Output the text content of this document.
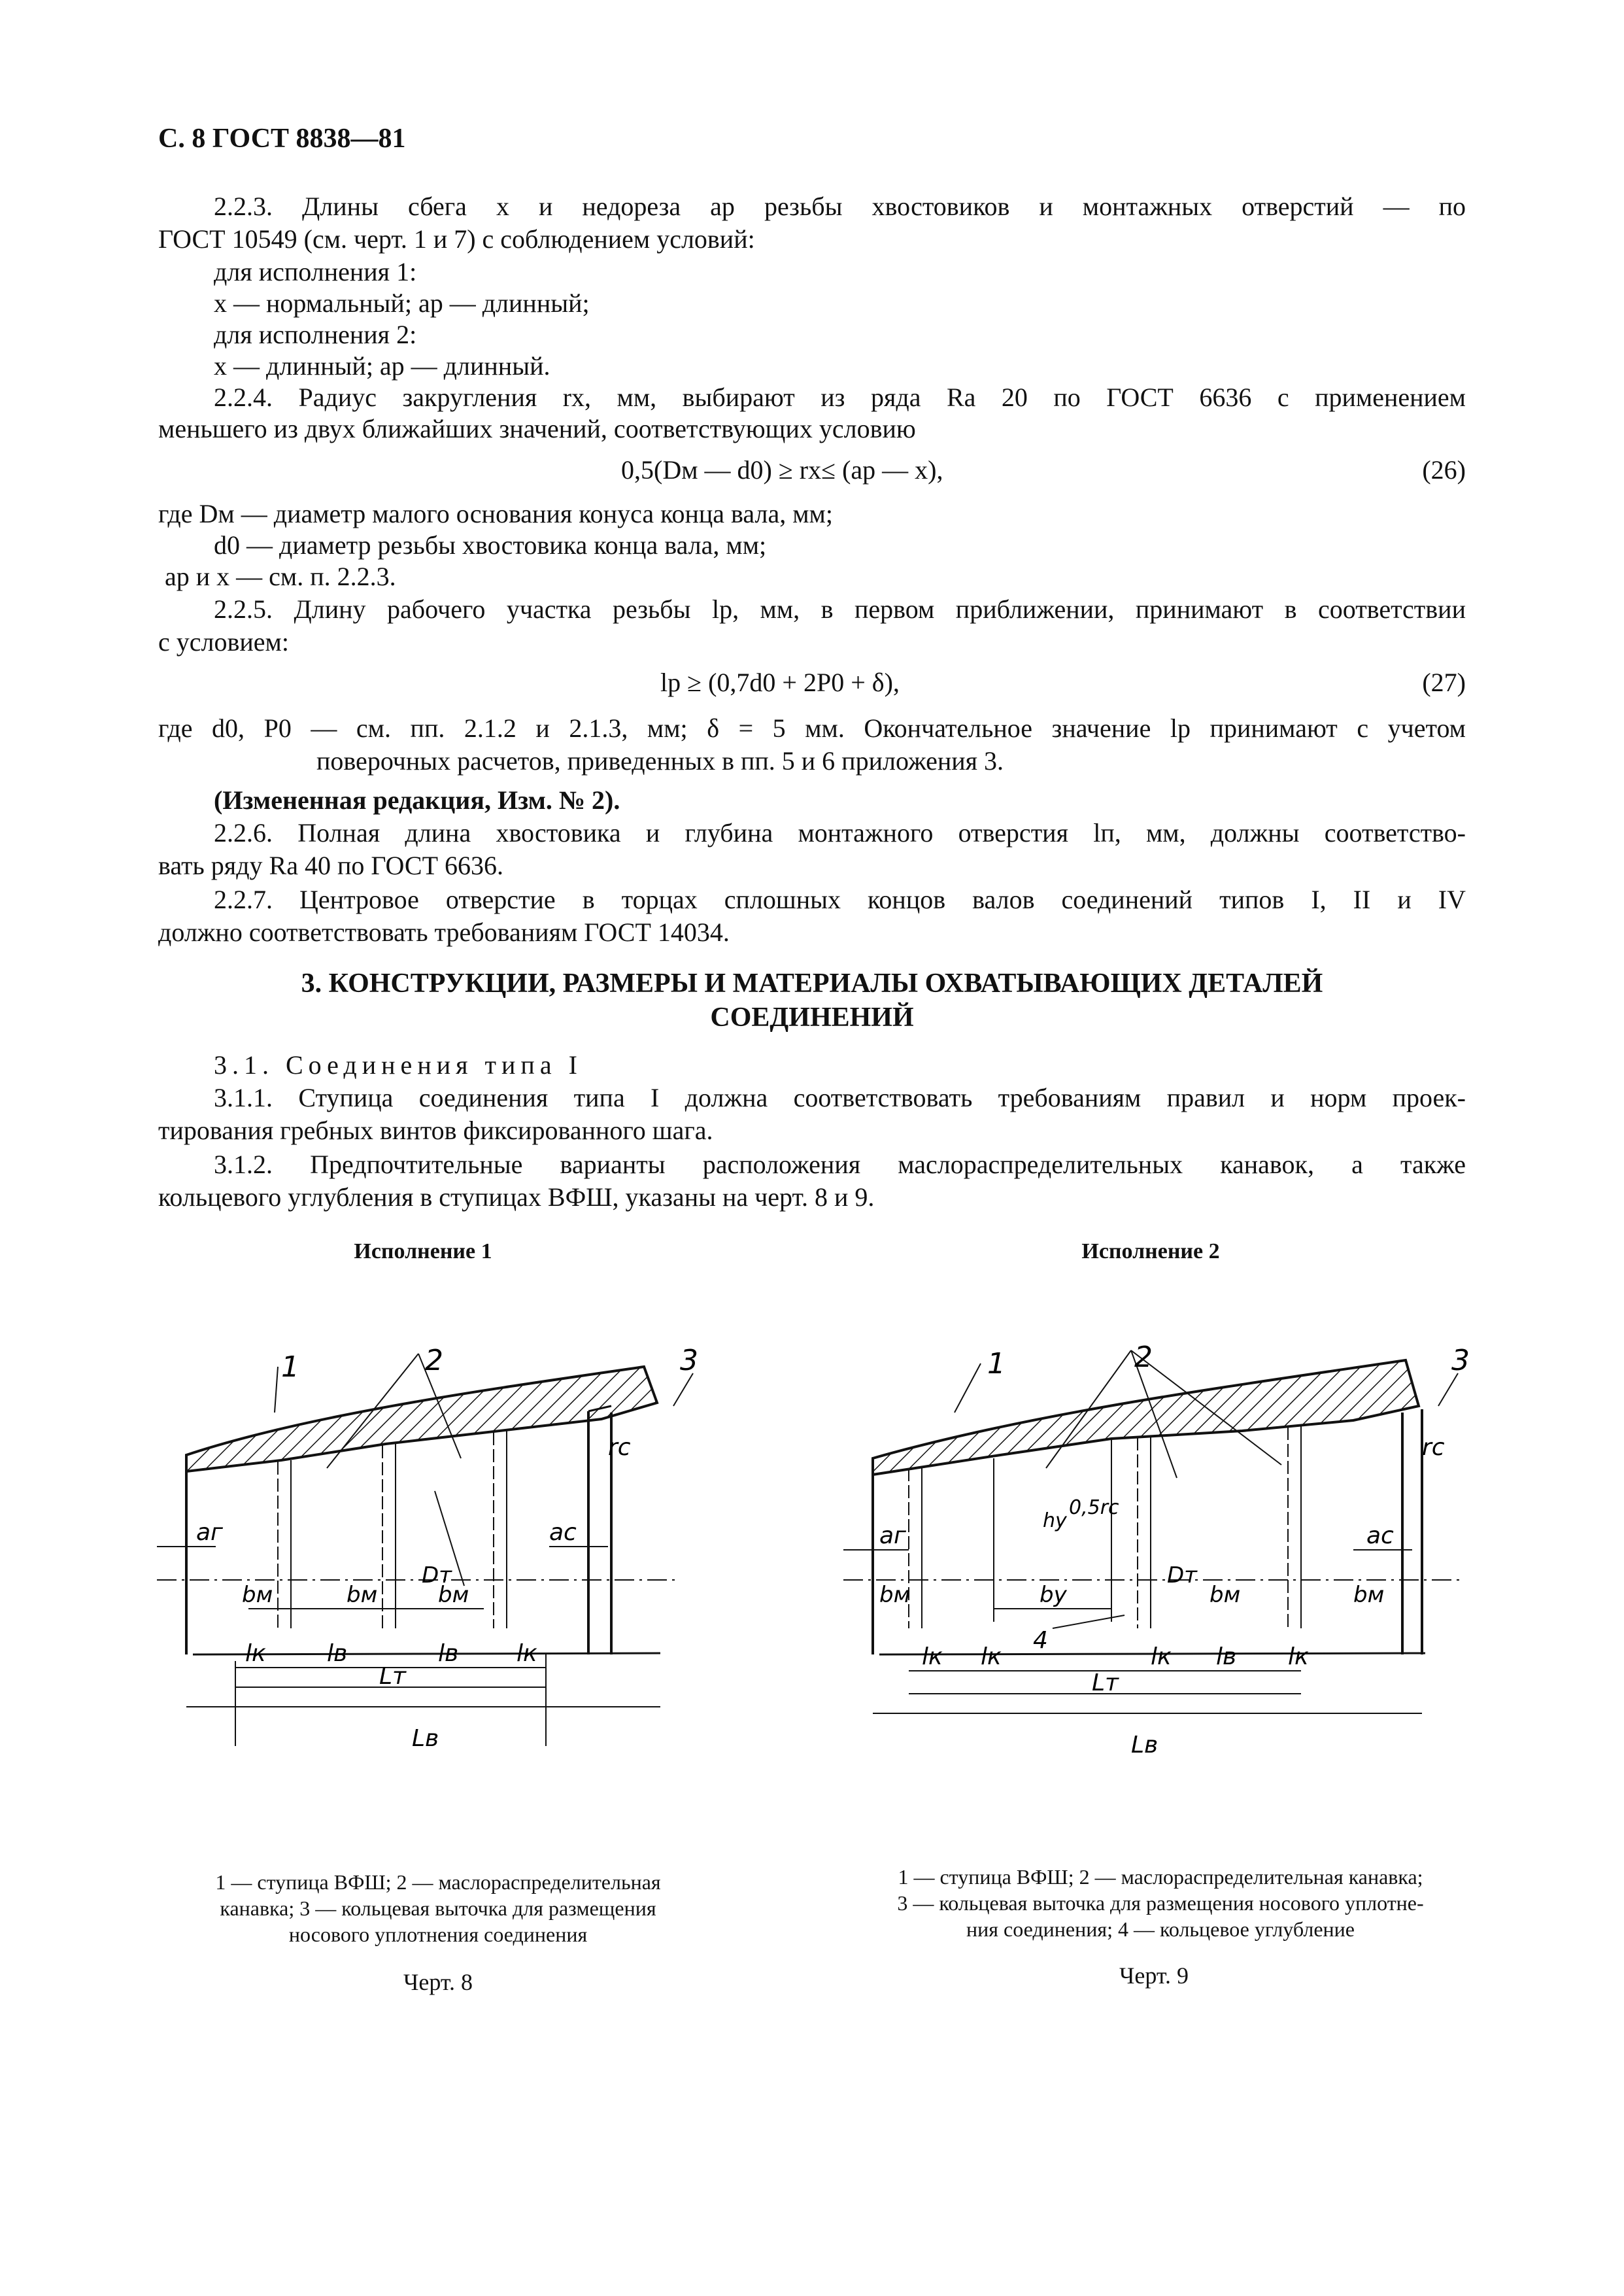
С. 8 ГОСТ 8838—81
2.2.3. Длины сбега x и недореза aр резьбы хвостовиков и монтажных отверстий — по
ГОСТ 10549 (см. черт. 1 и 7) с соблюдением условий:
для исполнения 1:
x — нормальный; aр — длинный;
для исполнения 2:
x — длинный; aр — длинный.
2.2.4. Радиус закругления rx, мм, выбирают из ряда Ra 20 по ГОСТ 6636 с применением
меньшего из двух ближайших значений, соответствующих условию
0,5(Dм — d0) ≥ rx≤ (aр — x),	(26)
где Dм — диаметр малого основания конуса конца вала, мм;
d0 — диаметр резьбы хвостовика конца вала, мм;
aр и x — см. п. 2.2.3.
2.2.5. Длину рабочего участка резьбы lр, мм, в первом приближении, принимают в соответствии
с условием:
lр ≥ (0,7d0 + 2P0 + δ),	(27)
где d0, P0 — см. пп. 2.1.2 и 2.1.3, мм; δ = 5 мм. Окончательное значение lр принимают с учетом
поверочных расчетов, приведенных в пп. 5 и 6 приложения 3.
(Измененная редакция, Изм. № 2).
2.2.6. Полная длина хвостовика и глубина монтажного отверстия lп, мм, должны соответство-
вать ряду Ra 40 по ГОСТ 6636.
2.2.7. Центровое отверстие в торцах сплошных концов валов соединений типов I, II и IV
должно соответствовать требованиям ГОСТ 14034.
3. КОНСТРУКЦИИ, РАЗМЕРЫ И МАТЕРИАЛЫ ОХВАТЫВАЮЩИХ ДЕТАЛЕЙ
СОЕДИНЕНИЙ
3.1. Соединения типа I
3.1.1. Ступица соединения типа I должна соответствовать требованиям правил и норм проек-
тирования гребных винтов фиксированного шага.
3.1.2. Предпочтительные варианты расположения маслораспределительных канавок, а также
кольцевого углубления в ступицах ВФШ, указаны на черт. 8 и 9.
Исполнение 1	Исполнение 2
1	2	3
rc
aг	ac
bм	bм	bм
Dт
lк	lв	lв lк
Lт
Lв
1	2	3
rc
0,5rc
hу
aг	ac
bм	bу
Dт
bм	bм
4
lк lк	lк lв lк
Lт
Lв
1 — ступица ВФШ; 2 — маслораспределительная
канавка; 3 — кольцевая выточка для размещения
носового уплотнения соединения
1 — ступица ВФШ; 2 — маслораспределительная канавка;
3 — кольцевая выточка для размещения носового уплотне-
ния соединения; 4 — кольцевое углубление
Черт. 8	Черт. 9
